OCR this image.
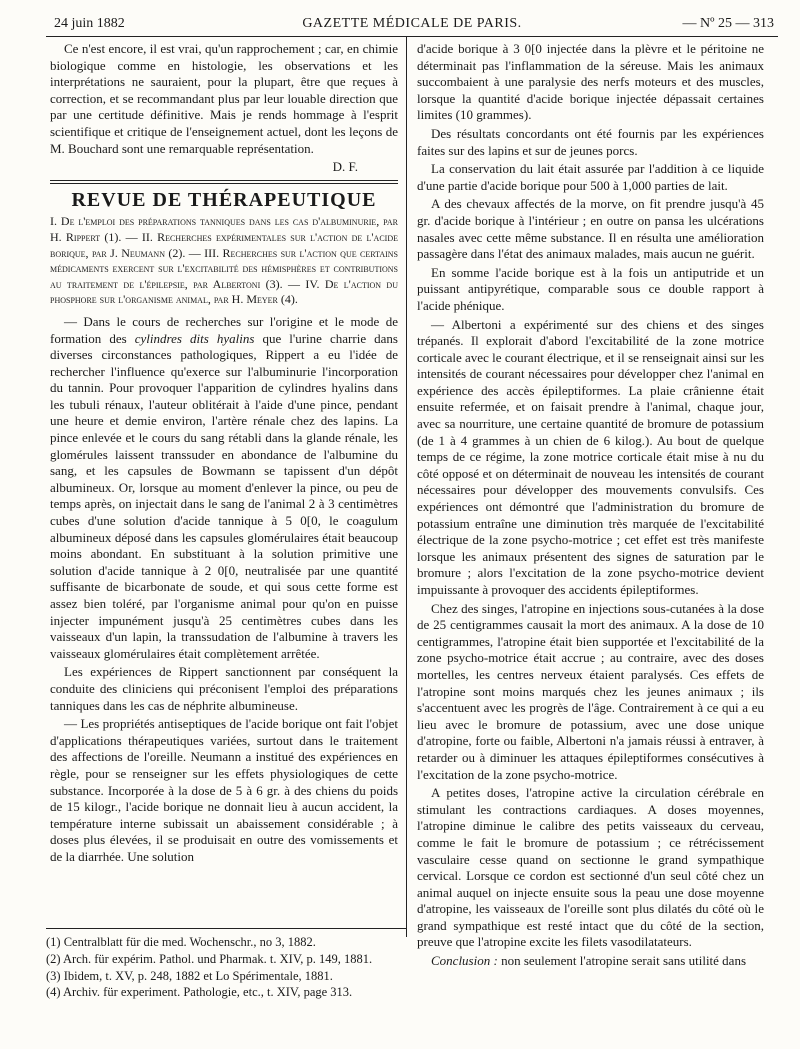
24 juin 1882	GAZETTE MÉDICALE DE PARIS.	— Nº 25 — 313

Ce n'est encore, il est vrai, qu'un rapprochement ; car, en chimie biologique comme en histologie, les observations et les interprétations ne sauraient, pour la plupart, être que reçues à correction, et se recommandant plus par leur louable direction que par une certitude définitive. Mais je rends hommage à l'esprit scientifique et critique de l'enseignement actuel, dont les leçons de M. Bouchard sont une remarquable représentation.

D. F.

REVUE DE THÉRAPEUTIQUE

I. De l'emploi des préparations tanniques dans les cas d'albuminurie, par H. Rippert (1). — II. Recherches expérimentales sur l'action de l'acide borique, par J. Neumann (2). — III. Recherches sur l'action que certains médicaments exercent sur l'excitabilité des hémisphères et contributions au traitement de l'épilepsie, par Albertoni (3). — IV. De l'action du phosphore sur l'organisme animal, par H. Meyer (4).

— Dans le cours de recherches sur l'origine et le mode de formation des cylindres dits hyalins que l'urine charrie dans diverses circonstances pathologiques, Rippert a eu l'idée de rechercher l'influence qu'exerce sur l'albuminurie l'incorporation du tannin. Pour provoquer l'apparition de cylindres hyalins dans les tubuli rénaux, l'auteur oblitérait à l'aide d'une pince, pendant une heure et demie environ, l'artère rénale chez des lapins. La pince enlevée et le cours du sang rétabli dans la glande rénale, les glomérules laissent transsuder en abondance de l'albumine du sang, et les capsules de Bowmann se tapissent d'un dépôt albumineux. Or, lorsque au moment d'enlever la pince, ou peu de temps après, on injectait dans le sang de l'animal 2 à 3 centimètres cubes d'une solution d'acide tannique à 5 0[0, le coagulum albumineux déposé dans les capsules glomérulaires était beaucoup moins abondant. En substituant à la solution primitive une solution d'acide tannique à 2 0[0, neutralisée par une quantité suffisante de bicarbonate de soude, et qui sous cette forme est assez bien toléré, par l'organisme animal pour qu'on en puisse injecter impunément jusqu'à 25 centimètres cubes dans les vaisseaux d'un lapin, la transsudation de l'albumine à travers les vaisseaux glomérulaires était complètement arrêtée.

Les expériences de Rippert sanctionnent par conséquent la conduite des cliniciens qui préconisent l'emploi des préparations tanniques dans les cas de néphrite albumineuse.

— Les propriétés antiseptiques de l'acide borique ont fait l'objet d'applications thérapeutiques variées, surtout dans le traitement des affections de l'oreille. Neumann a institué des expériences en règle, pour se renseigner sur les effets physiologiques de cette substance. Incorporée à la dose de 5 à 6 gr. à des chiens du poids de 15 kilogr., l'acide borique ne donnait lieu à aucun accident, la température interne subissait un abaissement considérable ; à doses plus élevées, il se produisait en outre des vomissements et de la diarrhée. Une solution

d'acide borique à 3 0[0 injectée dans la plèvre et le péritoine ne déterminait pas l'inflammation de la séreuse. Mais les animaux succombaient à une paralysie des nerfs moteurs et des muscles, lorsque la quantité d'acide borique injectée dépassait certaines limites (10 grammes).

Des résultats concordants ont été fournis par les expériences faites sur des lapins et sur de jeunes porcs.

La conservation du lait était assurée par l'addition à ce liquide d'une partie d'acide borique pour 500 à 1,000 parties de lait.

A des chevaux affectés de la morve, on fit prendre jusqu'à 45 gr. d'acide borique à l'intérieur ; en outre on pansa les ulcérations nasales avec cette même substance. Il en résulta une amélioration passagère dans l'état des animaux malades, mais aucun ne guérit.

En somme l'acide borique est à la fois un antiputride et un puissant antipyrétique, comparable sous ce double rapport à l'acide phénique.

— Albertoni a expérimenté sur des chiens et des singes trépanés. Il explorait d'abord l'excitabilité de la zone motrice corticale avec le courant électrique, et il se renseignait ainsi sur les intensités de courant nécessaires pour développer chez l'animal en expérience des accès épileptiformes. La plaie crânienne était ensuite refermée, et on faisait prendre à l'animal, chaque jour, avec sa nourriture, une certaine quantité de bromure de potassium (de 1 à 4 grammes à un chien de 6 kilog.). Au bout de quelque temps de ce régime, la zone motrice corticale était mise à nu du côté opposé et on déterminait de nouveau les intensités de courant nécessaires pour développer des mouvements convulsifs. Ces expériences ont démontré que l'administration du bromure de potassium entraîne une diminution très marquée de l'excitabilité électrique de la zone psycho-motrice ; cet effet est très manifeste lorsque les animaux présentent des signes de saturation par le bromure ; alors l'excitation de la zone psycho-motrice devient impuissante à provoquer des accidents épileptiformes.

Chez des singes, l'atropine en injections sous-cutanées à la dose de 25 centigrammes causait la mort des animaux. A la dose de 10 centigrammes, l'atropine était bien supportée et l'excitabilité de la zone psycho-motrice était accrue ; au contraire, avec des doses mortelles, les centres nerveux étaient paralysés. Ces effets de l'atropine sont moins marqués chez les jeunes animaux ; ils s'accentuent avec les progrès de l'âge. Contrairement à ce qui a eu lieu avec le bromure de potassium, avec une dose unique d'atropine, forte ou faible, Albertoni n'a jamais réussi à entraver, à retarder ou à diminuer les attaques épileptiformes consécutives à l'excitation de la zone psycho-motrice.

A petites doses, l'atropine active la circulation cérébrale en stimulant les contractions cardiaques. A doses moyennes, l'atropine diminue le calibre des petits vaisseaux du cerveau, comme le fait le bromure de potassium ; ce rétrécissement vasculaire cesse quand on sectionne le grand sympathique cervical. Lorsque ce cordon est sectionné d'un seul côté chez un animal auquel on injecte ensuite sous la peau une dose moyenne d'atropine, les vaisseaux de l'oreille sont plus dilatés du côté où le grand sympathique est resté intact que du côté de la section, preuve que l'atropine excite les filets vasodilatateurs.

Conclusion : non seulement l'atropine serait sans utilité dans

(1) Centralblatt für die med. Wochenschr., no 3, 1882.
(2) Arch. für expérim. Pathol. und Pharmak. t. XIV, p. 149, 1881.
(3) Ibidem, t. XV, p. 248, 1882 et Lo Spérimentale, 1881.
(4) Archiv. für experiment. Pathologie, etc., t. XIV, page 313.
